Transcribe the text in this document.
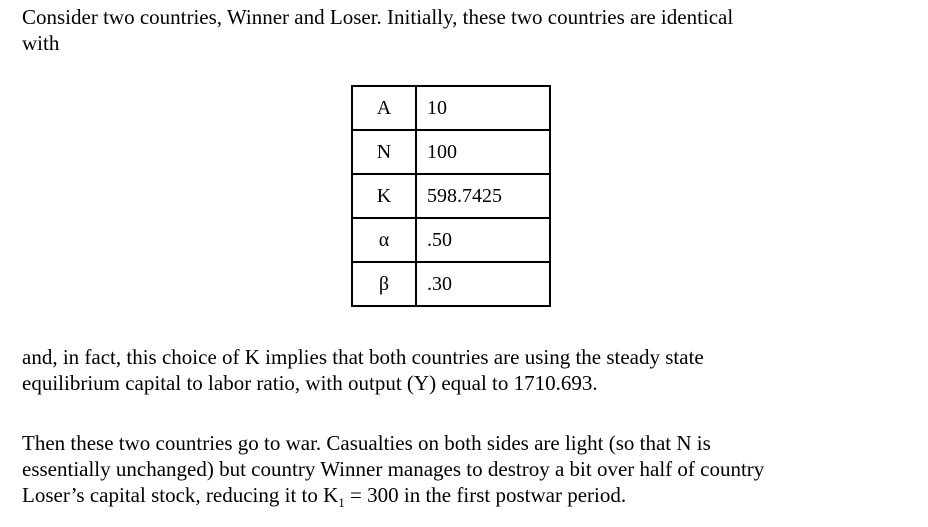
Consider two countries, Winner and Loser. Initially, these two countries are identical
with

A	10
N	100
K	598.7425
α	.50
β	.30

and, in fact, this choice of K implies that both countries are using the steady state
equilibrium capital to labor ratio, with output (Y) equal to 1710.693.

Then these two countries go to war. Casualties on both sides are light (so that N is
essentially unchanged) but country Winner manages to destroy a bit over half of country
Loser’s capital stock, reducing it to $K_1 = 300$ in the first postwar period.
